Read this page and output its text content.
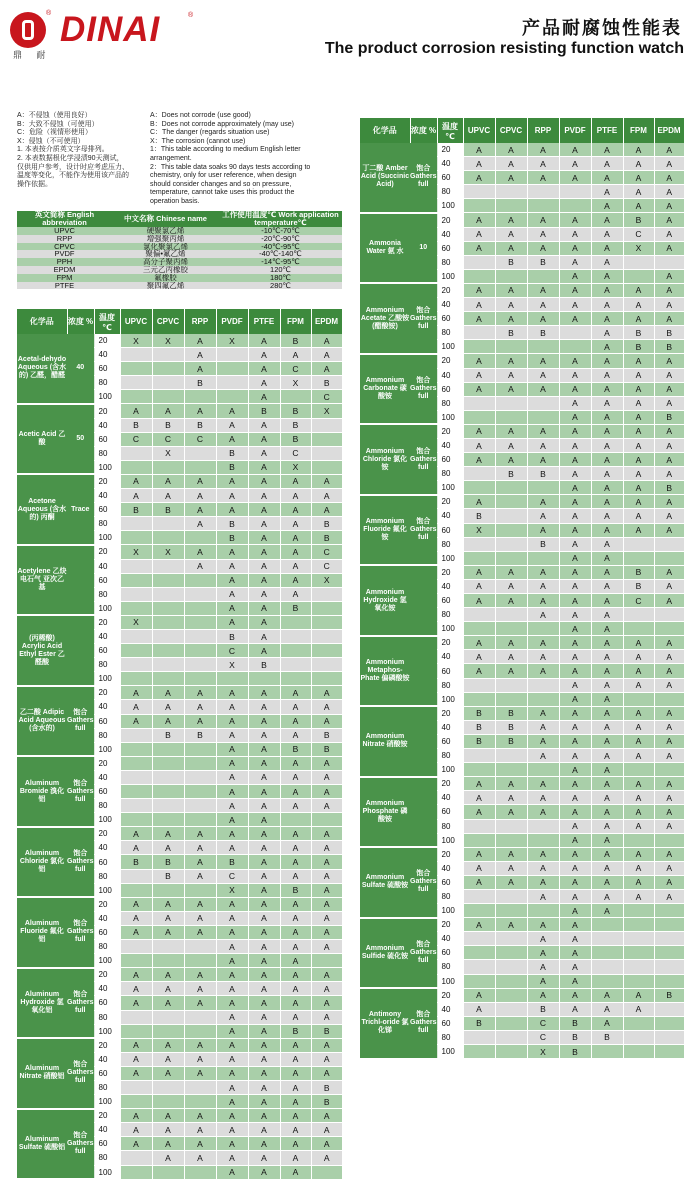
® DINAI	®
鼎 耐
产品耐腐蚀性能表
The product corrosion resisting function watch
A：不侵蚀（使用良好）
B：大致不侵蚀（可使用）
C：危险（视情形使用）
X：侵蚀（不可使用）
1. 本表按介质英文字母排列。
2. 本表数据根化学浸渍90天测试，
仅供用户参考，设计时应考虑压力、
温度等变化，不能作为使用该产品的
操作依据。
A：Does not corrode (use good)
B：Does not corrode approximately (may use)
C：The danger (regards situation use)
X：The corrosion (cannot use)
1：This table according to medium English letter
arrangement.
2：This table data soaks 90 days tests according to
chemistry, only for user reference, when design
should consider changes and so on pressure,
temperature, cannot take uses this product the
operation basis.
英文简称 English abbreviation	中文名称 Chinese name	工作使用温度℃ Work application temperature℃
UPVC	硬聚氯乙烯	-10℃-70℃
RPP	增强聚丙烯	-20℃-90℃
CPVC	氯化聚氯乙烯	-40℃-95℃
PVDF	聚偏•氟乙烯	-40℃-140℃
PPH	高分子聚丙烯	-14℃-95℃
EPDM	三元乙丙橡胶	120℃
FPM	氟橡胶	180℃
PTFE	聚四氟乙烯	280℃
化学品	浓度 %	温度 ℃	UPVC	CPVC	RPP	PVDF	PTFE	FPM	EPDM
Acetal-dehydo Aqueous (含水的) 乙醛，醋醛	40	20	X	X	A	X	A	B	A
		40			A		A	A	A
		60			A		A	C	A
		80			B		A	X	B
		100					A		C
Acetic Acid 乙 酸	50	20	A	A	A	A	B	B	X
		40	B	B	B	A	A	B	
		60	C	C	C	A	A	B	
		80		X		B	A	C	
		100				B	A	X	
Acetone Aqueous (含水的) 丙酮	Trace	20	A	A	A	A	A	A	A
		40	A	A	A	A	A	A	A
		60	B	B	A	A	A	A	A
		80			A	B	A	A	B
		100				B	A	A	B
Acetylene 乙炔 电石气 亚次乙基		20	X	X	A	A	A	A	C
		40			A	A	A	A	C
		60				A	A	A	X
		80				A	A	A	
		100				A	A	B	
(丙稀酸) Acrylic Acid Ethyl Ester 乙醛酸		20	X			A	A		
		40				B	A		
		60				C	A		
		80				X	B		
		100							
乙二酸 Adipic Acid Aqueous (含水的)	饱合 Gathers full	20	A	A	A	A	A	A	A
		40	A	A	A	A	A	A	A
		60	A	A	A	A	A	A	A
		80		B	B	A	A	A	B
		100				A	A	B	B
Aluminum Bromide 溴化铝	饱合 Gathers full	20				A	A	A	A
		40				A	A	A	A
		60				A	A	A	A
		80				A	A	A	A
		100				A	A		
Aluminum Chloride 氯化铝	饱合 Gathers full	20	A	A	A	A	A	A	A
		40	A	A	A	A	A	A	A
		60	B	B	A	B	A	A	A
		80		B	A	C	A	A	A
		100				X	A	B	A
Aluminum Fluoride 氟化铝	饱合 Gathers full	20	A	A	A	A	A	A	A
		40	A	A	A	A	A	A	A
		60	A	A	A	A	A	A	A
		80				A	A	A	A
		100				A	A	A	
Aluminum Hydroxide 氢氧化铝	饱合 Gathers full	20	A	A	A	A	A	A	A
		40	A	A	A	A	A	A	A
		60	A	A	A	A	A	A	A
		80				A	A	A	A
		100				A	A	B	B
Aluminum Nitrate 硝酸铝	饱合 Gathers full	20	A	A	A	A	A	A	A
		40	A	A	A	A	A	A	A
		60	A	A	A	A	A	A	A
		80				A	A	A	B
		100				A	A	A	B
Aluminum Sulfate 硫酸铝	饱合 Gathers full	20	A	A	A	A	A	A	A
		40	A	A	A	A	A	A	A
		60	A	A	A	A	A	A	A
		80		A	A	A	A	A	A
		100				A	A	A	
化学品	浓度 %	温度 ℃	UPVC	CPVC	RPP	PVDF	PTFE	FPM	EPDM
丁二酸 Amber Acid (Succinic Acid)	饱合 Gathers full	20	A	A	A	A	A	A	A
		40	A	A	A	A	A	A	A
		60	A	A	A	A	A	A	A
		80					A	A	A
		100					A	A	A
Ammonia Water 氨 水	10	20	A	A	A	A	A	B	A
		40	A	A	A	A	A	C	A
		60	A	A	A	A	A	X	A
		80		B	B	A	A		
		100				A	A		A
Ammonium Acetate 乙酸铵 (醋酸铵)	饱合 Gathers full	20	A	A	A	A	A	A	A
		40	A	A	A	A	A	A	A
		60	A	A	A	A	A	A	A
		80		B	B		A	B	B
		100					A	B	B
Ammonium Carbonate 碳酸铵	饱合 Gathers full	20	A	A	A	A	A	A	A
		40	A	A	A	A	A	A	A
		60	A	A	A	A	A	A	A
		80				A	A	A	A
		100				A	A	A	B
Ammonium Chloride 氯化铵	饱合 Gathers full	20	A	A	A	A	A	A	A
		40	A	A	A	A	A	A	A
		60	A	A	A	A	A	A	A
		80		B	B	A	A	A	A
		100				A	A	A	B
Ammonium Fluoride 氟化铵	饱合 Gathers full	20	A		A	A	A	A	A
		40	B		A	A	A	A	A
		60	X		A	A	A	A	A
		80			B	A	A		
		100				A	A		
Ammonium Hydroxide 氢氧化铵		20	A	A	A	A	A	B	A
		40	A	A	A	A	A	B	A
		60	A	A	A	A	A	C	A
		80			A	A	A		
		100				A	A		
Ammonium Metaphos-Phate 偏磷酸铵		20	A	A	A	A	A	A	A
		40	A	A	A	A	A	A	A
		60	A	A	A	A	A	A	A
		80				A	A	A	A
		100				A	A		
Ammonium Nitrate 硝酸铵		20	B	B	A	A	A	A	A
		40	B	B	A	A	A	A	A
		60	B	B	A	A	A	A	A
		80			A	A	A	A	A
		100				A	A		
Ammonium Phosphate 磷酸铵		20	A	A	A	A	A	A	A
		40	A	A	A	A	A	A	A
		60	A	A	A	A	A	A	A
		80				A	A	A	A
		100				A	A		
Ammonium Sulfate 硫酸铵	饱合 Gathers full	20	A	A	A	A	A	A	A
		40	A	A	A	A	A	A	A
		60	A	A	A	A	A	A	A
		80			A	A	A	A	A
		100				A	A		
Ammonium Sulfide 硫化铵	饱合 Gathers full	20	A	A	A	A			
		40			A	A			
		60			A	A			
		80			A	A			
		100			A	A			
Antimony Trichl-oride 氯化锑	饱合 Gathers full	20	A		A	A	A	A	B
		40	A		B	A	A	A	
		60	B		C	B	A		
		80			C	B	B		
		100			X	B			
